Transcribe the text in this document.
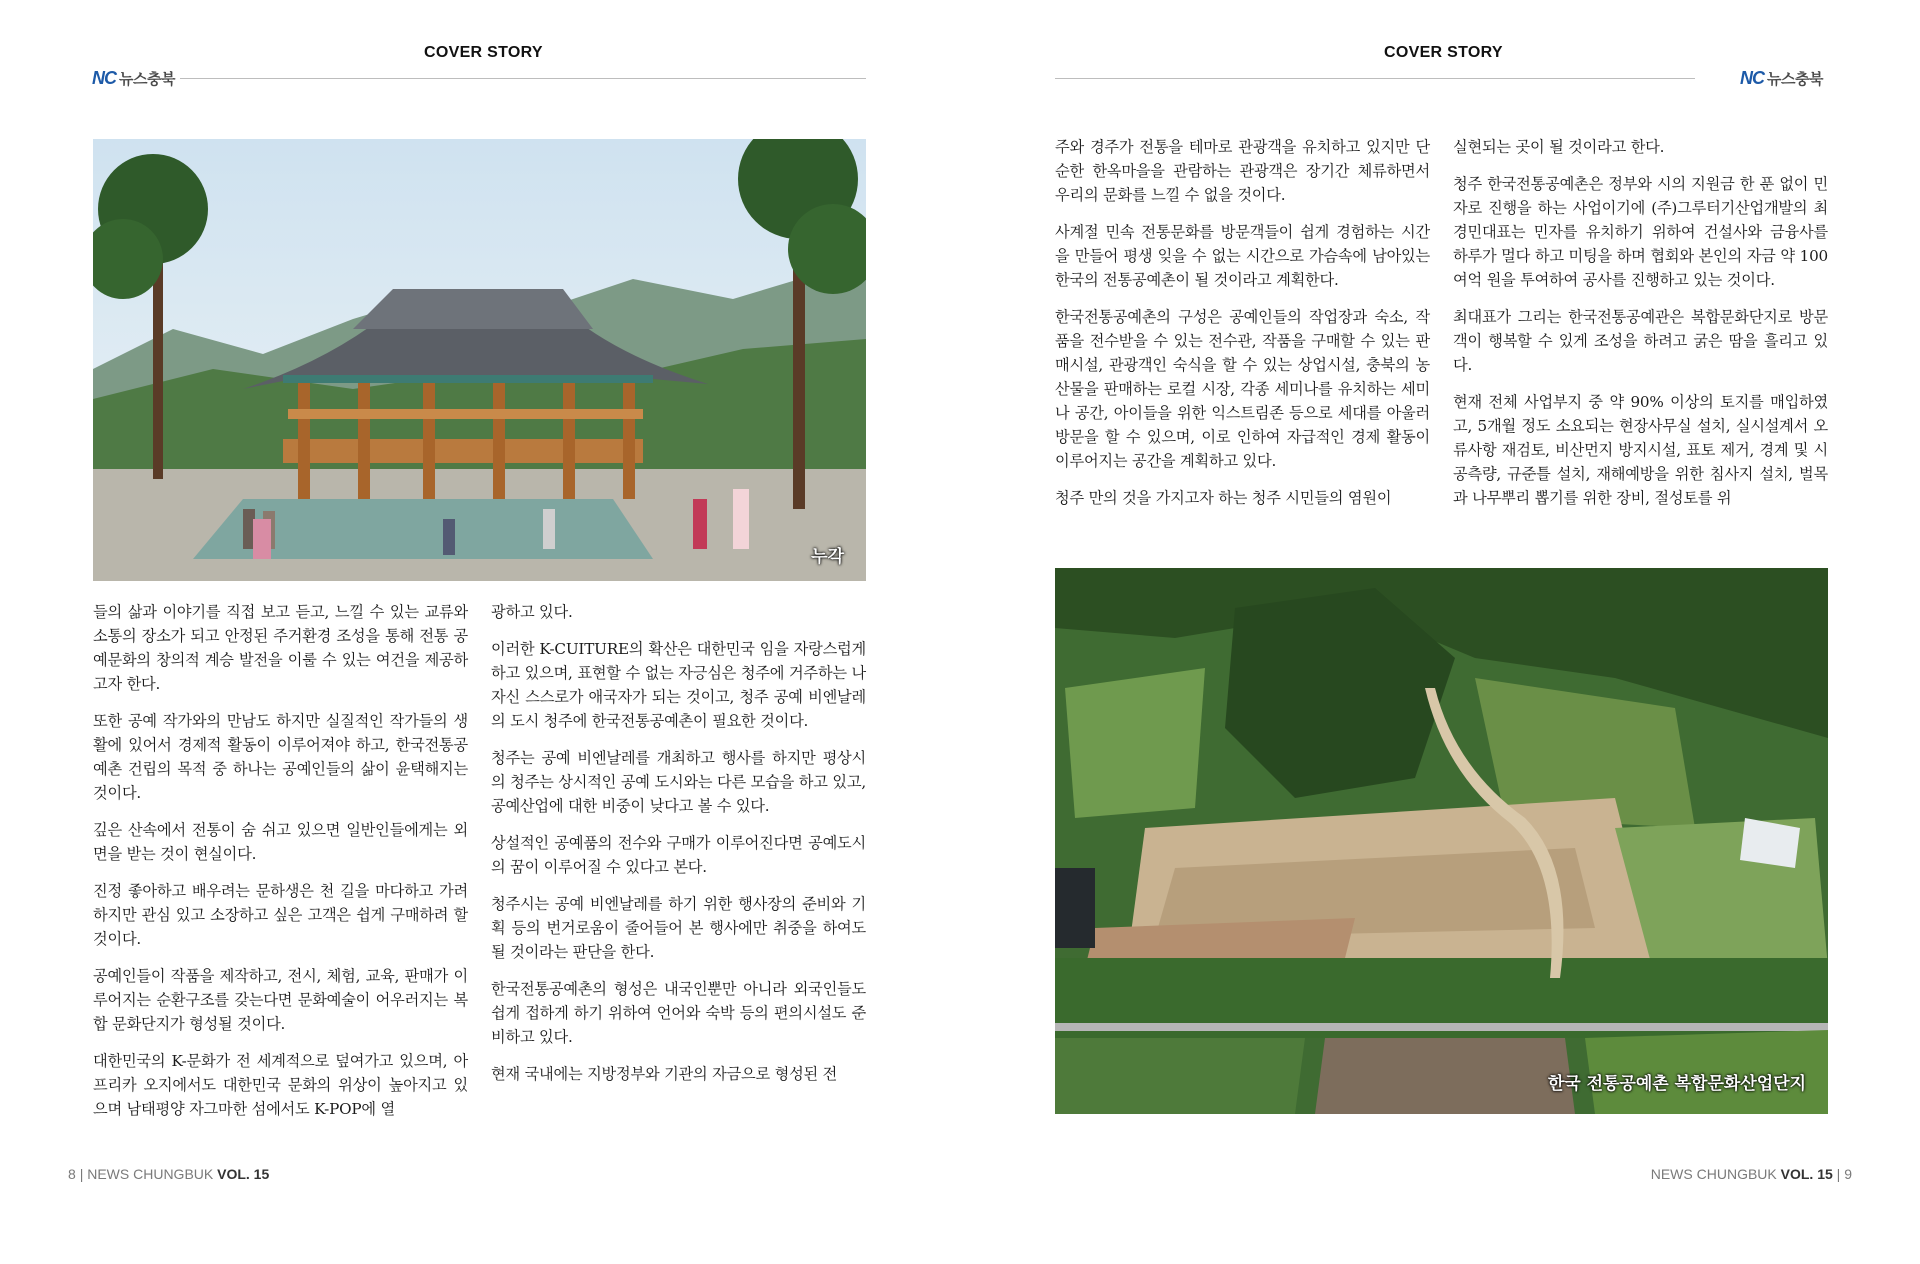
COVER STORY
NC 뉴스충북
누각

들의 삶과 이야기를 직접 보고 듣고, 느낄 수 있는 교류와 소통의 장소가 되고 안정된 주거환경 조성을 통해 전통 공예문화의 창의적 계승 발전을 이룰 수 있는 여건을 제공하고자 한다.

또한 공예 작가와의 만남도 하지만 실질적인 작가들의 생활에 있어서 경제적 활동이 이루어져야 하고, 한국전통공예촌 건립의 목적 중 하나는 공예인들의 삶이 윤택해지는 것이다.

깊은 산속에서 전통이 숨 쉬고 있으면 일반인들에게는 외면을 받는 것이 현실이다.

진정 좋아하고 배우려는 문하생은 천 길을 마다하고 가려 하지만 관심 있고 소장하고 싶은 고객은 쉽게 구매하려 할 것이다.

공예인들이 작품을 제작하고, 전시, 체험, 교육, 판매가 이루어지는 순환구조를 갖는다면 문화예술이 어우러지는 복합 문화단지가 형성될 것이다.

대한민국의 K-문화가 전 세계적으로 덮여가고 있으며, 아프리카 오지에서도 대한민국 문화의 위상이 높아지고 있으며 남태평양 자그마한 섬에서도 K-POP에 열

광하고 있다.

이러한 K-CUITURE의 확산은 대한민국 임을 자랑스럽게 하고 있으며, 표현할 수 없는 자긍심은 청주에 거주하는 나 자신 스스로가 애국자가 되는 것이고, 청주 공예 비엔날레의 도시 청주에 한국전통공예촌이 필요한 것이다.

청주는 공예 비엔날레를 개최하고 행사를 하지만 평상시의 청주는 상시적인 공예 도시와는 다른 모습을 하고 있고, 공예산업에 대한 비중이 낮다고 볼 수 있다.

상설적인 공예품의 전수와 구매가 이루어진다면 공예도시의 꿈이 이루어질 수 있다고 본다.

청주시는 공예 비엔날레를 하기 위한 행사장의 준비와 기획 등의 번거로움이 줄어들어 본 행사에만 취중을 하여도 될 것이라는 판단을 한다.

한국전통공예촌의 형성은 내국인뿐만 아니라 외국인들도 쉽게 접하게 하기 위하여 언어와 숙박 등의 편의시설도 준비하고 있다.

현재 국내에는 지방정부와 기관의 자금으로 형성된 전

8 | NEWS CHUNGBUK VOL. 15
COVER STORY
NC 뉴스충북

주와 경주가 전통을 테마로 관광객을 유치하고 있지만 단순한 한옥마을을 관람하는 관광객은 장기간 체류하면서 우리의 문화를 느낄 수 없을 것이다.

사계절 민속 전통문화를 방문객들이 쉽게 경험하는 시간을 만들어 평생 잊을 수 없는 시간으로 가슴속에 남아있는 한국의 전통공예촌이 될 것이라고 계획한다.

한국전통공예촌의 구성은 공예인들의 작업장과 숙소, 작품을 전수받을 수 있는 전수관, 작품을 구매할 수 있는 판매시설, 관광객인 숙식을 할 수 있는 상업시설, 충북의 농산물을 판매하는 로컬 시장, 각종 세미나를 유치하는 세미나 공간, 아이들을 위한 익스트림존 등으로 세대를 아울러 방문을 할 수 있으며, 이로 인하여 자급적인 경제 활동이 이루어지는 공간을 계획하고 있다.

청주 만의 것을 가지고자 하는 청주 시민들의 염원이

실현되는 곳이 될 것이라고 한다.

청주 한국전통공예촌은 정부와 시의 지원금 한 푼 없이 민자로 진행을 하는 사업이기에 (주)그루터기산업개발의 최경민대표는 민자를 유치하기 위하여 건설사와 금융사를 하루가 멀다 하고 미팅을 하며 협회와 본인의 자금 약 100여억 원을 투여하여 공사를 진행하고 있는 것이다.

최대표가 그리는 한국전통공예관은 복합문화단지로 방문객이 행복할 수 있게 조성을 하려고 굵은 땀을 흘리고 있다.

현재 전체 사업부지 중 약 90% 이상의 토지를 매입하였고, 5개월 정도 소요되는 현장사무실 설치, 실시설계서 오류사항 재검토, 비산먼지 방지시설, 표토 제거, 경계 및 시공측량, 규준틀 설치, 재해예방을 위한 침사지 설치, 벌목과 나무뿌리 뽑기를 위한 장비, 절성토를 위

한국 전통공예촌 복합문화산업단지
NEWS CHUNGBUK VOL. 15 | 9
